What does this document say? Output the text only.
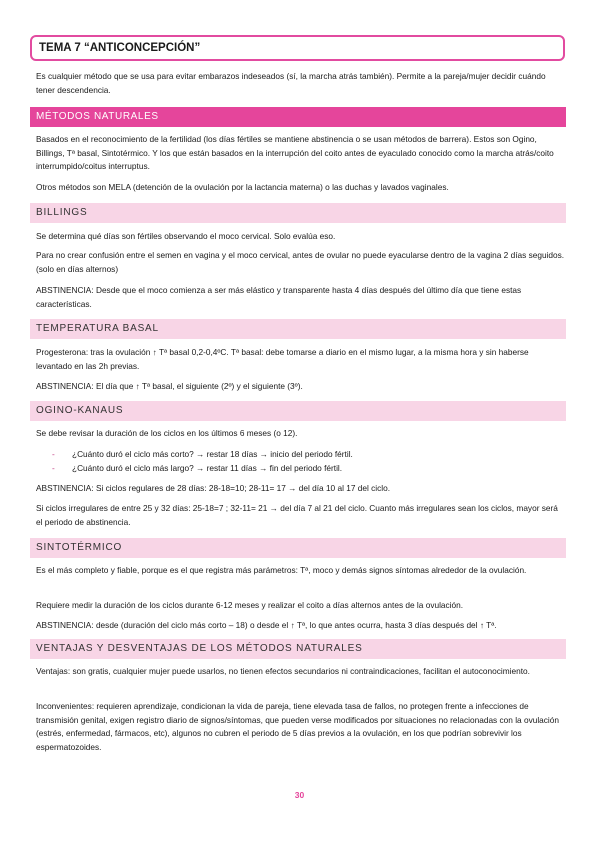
TEMA 7 “ANTICONCEPCIÓN”
Es cualquier método que se usa para evitar embarazos indeseados (sí, la marcha atrás también). Permite a la pareja/mujer decidir cuándo tener descendencia.
MÉTODOS NATURALES
Basados en el reconocimiento de la fertilidad (los días fértiles se mantiene abstinencia o se usan métodos de barrera). Estos son Ogino, Billings, Tª basal, Sintotérmico. Y los que están basados en la interrupción del coito antes de eyaculado conocido como la marcha atrás/coito interrumpido/coitus interruptus.
Otros métodos son MELA (detención de la ovulación por la lactancia materna) o las duchas y lavados vaginales.
BILLINGS
Se determina qué días son fértiles observando el moco cervical. Solo evalúa eso.
Para no crear confusión entre el semen en vagina y el moco cervical, antes de ovular no puede eyacularse dentro de la vagina 2 días seguidos. (solo en días alternos)
ABSTINENCIA: Desde que el moco comienza a ser más elástico y transparente hasta 4 días después del último día que tiene estas características.
TEMPERATURA BASAL
Progesterona: tras la ovulación ↑ Tª basal 0,2-0,4ºC. Tª basal: debe tomarse a diario en el mismo lugar, a la misma hora y sin haberse levantado en las 2h previas.
ABSTINENCIA: El día que ↑ Tª basal, el siguiente (2º) y el siguiente (3º).
OGINO-KANAUS
Se debe revisar la duración de los ciclos en los últimos 6 meses (o 12).
- ¿Cuánto duró el ciclo más corto? → restar 18 días → inicio del periodo fértil.
- ¿Cuánto duró el ciclo más largo? → restar 11 días → fin del periodo fértil.
ABSTINENCIA: Si ciclos regulares de 28 días: 28-18=10; 28-11= 17 → del día 10 al 17 del ciclo.
Si ciclos irregulares de entre 25 y 32 días: 25-18=7 ; 32-11= 21 → del día 7 al 21 del ciclo. Cuanto más irregulares sean los ciclos, mayor será el periodo de abstinencia.
SINTOTÉRMICO
Es el más completo y fiable, porque es el que registra más parámetros: Tª, moco y demás signos síntomas alrededor de la ovulación.
Requiere medir la duración de los ciclos durante 6-12 meses y realizar el coito a días alternos antes de la ovulación.
ABSTINENCIA: desde (duración del ciclo más corto – 18) o desde el ↑ Tª, lo que antes ocurra, hasta 3 días después del ↑ Tª.
VENTAJAS Y DESVENTAJAS DE LOS MÉTODOS NATURALES
Ventajas: son gratis, cualquier mujer puede usarlos, no tienen efectos secundarios ni contraindicaciones, facilitan el autoconocimiento.
Inconvenientes: requieren aprendizaje, condicionan la vida de pareja, tiene elevada tasa de fallos, no protegen frente a infecciones de transmisión genital, exigen registro diario de signos/síntomas, que pueden verse modificados por situaciones no relacionadas con la ovulación (estrés, enfermedad, fármacos, etc), algunos no cubren el periodo de 5 días previos a la ovulación, en los que podrían sobrevivir los espermatozoides.
30
